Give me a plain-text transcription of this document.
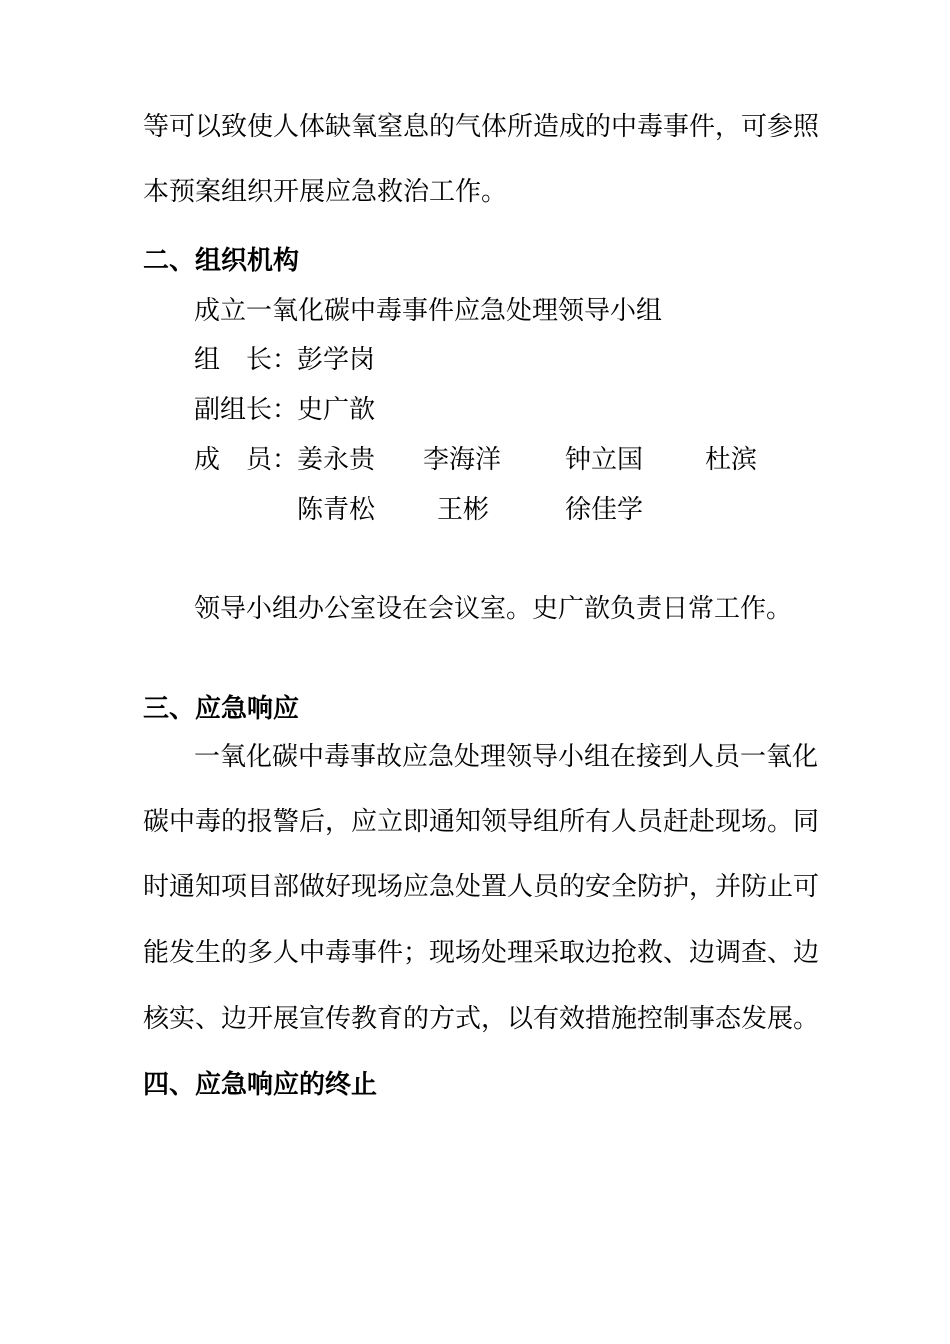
等可以致使人体缺氧窒息的气体所造成的中毒事件，可参照
本预案组织开展应急救治工作。
二、组织机构
成立一氧化碳中毒事件应急处理领导小组
组　长：
彭学岗
副组长：
史广歆
成　员：
姜永贵 李海洋 钟立国 杜滨
陈青松 王彬	徐佳学
领导小组办公室设在会议室。史广歆负责日常工作。
三、应急响应
一氧化碳中毒事故应急处理领导小组在接到人员一氧化
碳中毒的报警后，应立即通知领导组所有人员赶赴现场。同
时通知项目部做好现场应急处置人员的安全防护，并防止可
能发生的多人中毒事件；现场处理采取边抢救、边调查、边
核实、边开展宣传教育的方式，以有效措施控制事态发展。
四、应急响应的终止
